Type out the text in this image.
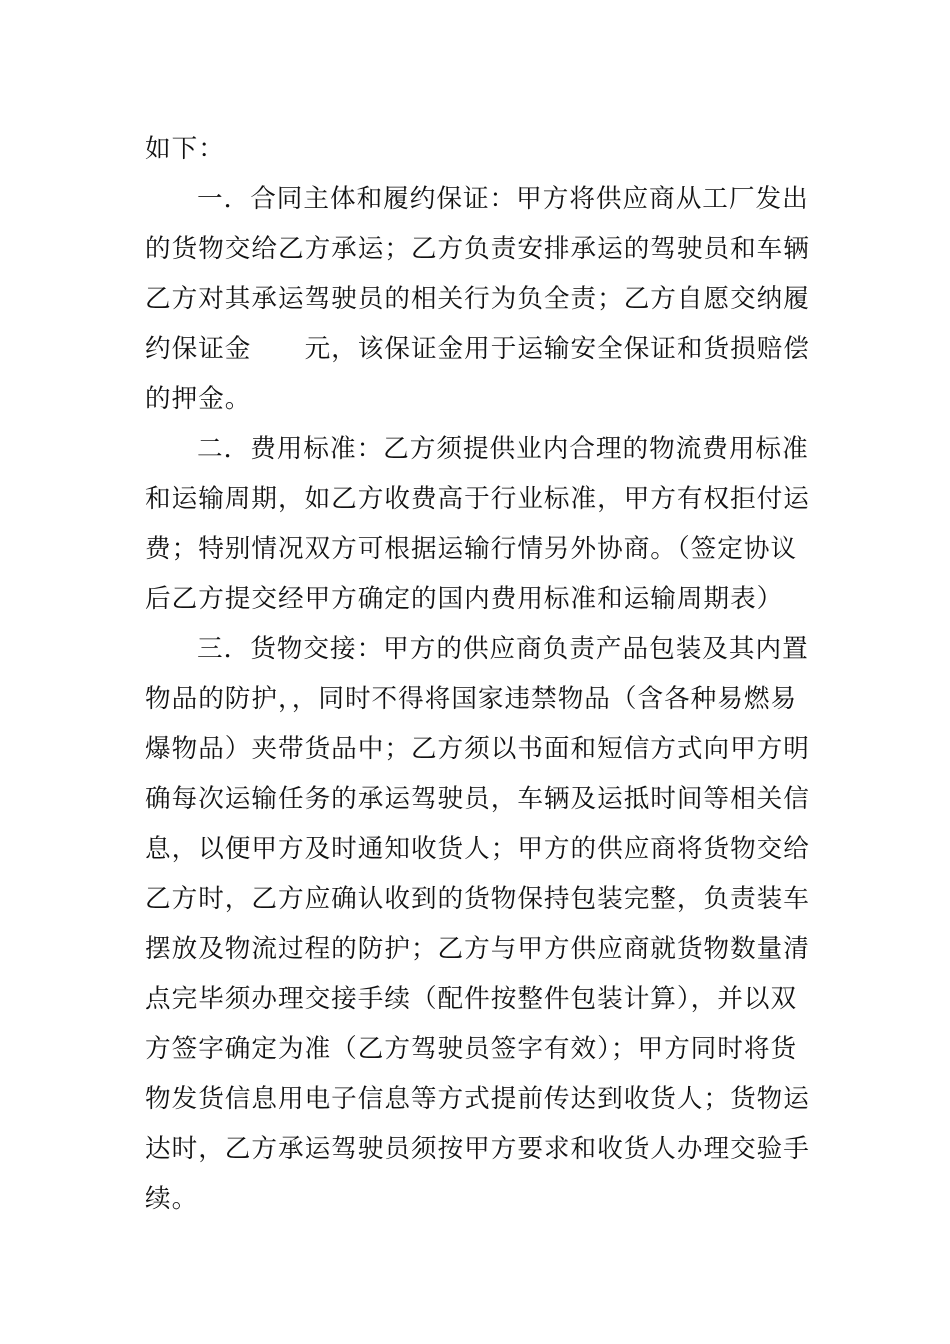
如下：
一．合同主体和履约保证：甲方将供应商从工厂发出
的货物交给乙方承运；乙方负责安排承运的驾驶员和车辆
乙方对其承运驾驶员的相关行为负全责；乙方自愿交纳履
约保证金　　元，该保证金用于运输安全保证和货损赔偿
的押金。
二．费用标准：乙方须提供业内合理的物流费用标准
和运输周期，如乙方收费高于行业标准，甲方有权拒付运
费；特别情况双方可根据运输行情另外协商。（签定协议
后乙方提交经甲方确定的国内费用标准和运输周期表）
三．货物交接：甲方的供应商负责产品包装及其内置
物品的防护，，同时不得将国家违禁物品（含各种易燃易
爆物品）夹带货品中；乙方须以书面和短信方式向甲方明
确每次运输任务的承运驾驶员，车辆及运抵时间等相关信
息，以便甲方及时通知收货人；甲方的供应商将货物交给
乙方时，乙方应确认收到的货物保持包装完整，负责装车
摆放及物流过程的防护；乙方与甲方供应商就货物数量清
点完毕须办理交接手续（配件按整件包装计算），并以双
方签字确定为准（乙方驾驶员签字有效）；甲方同时将货
物发货信息用电子信息等方式提前传达到收货人；货物运
达时，乙方承运驾驶员须按甲方要求和收货人办理交验手
续。
